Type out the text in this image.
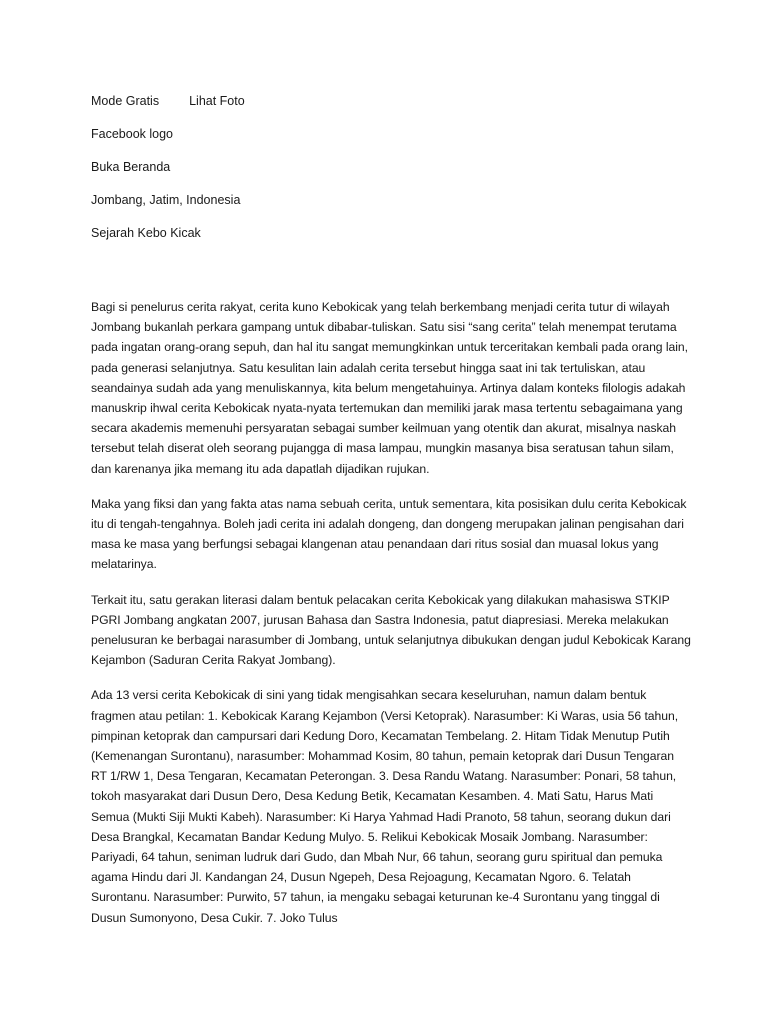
Mode Gratis Lihat Foto
Facebook logo
Buka Beranda
Jombang, Jatim, Indonesia
Sejarah Kebo Kicak

Bagi si penelurus cerita rakyat, cerita kuno Kebokicak yang telah berkembang menjadi cerita tutur di wilayah Jombang bukanlah perkara gampang untuk dibabar-tuliskan. Satu sisi “sang cerita” telah menempat terutama pada ingatan orang-orang sepuh, dan hal itu sangat memungkinkan untuk terceritakan kembali pada orang lain, pada generasi selanjutnya. Satu kesulitan lain adalah cerita tersebut hingga saat ini tak tertuliskan, atau seandainya sudah ada yang menuliskannya, kita belum mengetahuinya. Artinya dalam konteks filologis adakah manuskrip ihwal cerita Kebokicak nyata-nyata tertemukan dan memiliki jarak masa tertentu sebagaimana yang secara akademis memenuhi persyaratan sebagai sumber keilmuan yang otentik dan akurat, misalnya naskah tersebut telah diserat oleh seorang pujangga di masa lampau, mungkin masanya bisa seratusan tahun silam, dan karenanya jika memang itu ada dapatlah dijadikan rujukan.

Maka yang fiksi dan yang fakta atas nama sebuah cerita, untuk sementara, kita posisikan dulu cerita Kebokicak itu di tengah-tengahnya. Boleh jadi cerita ini adalah dongeng, dan dongeng merupakan jalinan pengisahan dari masa ke masa yang berfungsi sebagai klangenan atau penandaan dari ritus sosial dan muasal lokus yang melatarinya.

Terkait itu, satu gerakan literasi dalam bentuk pelacakan cerita Kebokicak yang dilakukan mahasiswa STKIP PGRI Jombang angkatan 2007, jurusan Bahasa dan Sastra Indonesia, patut diapresiasi. Mereka melakukan penelusuran ke berbagai narasumber di Jombang, untuk selanjutnya dibukukan dengan judul Kebokicak Karang Kejambon (Saduran Cerita Rakyat Jombang).

Ada 13 versi cerita Kebokicak di sini yang tidak mengisahkan secara keseluruhan, namun dalam bentuk fragmen atau petilan: 1. Kebokicak Karang Kejambon (Versi Ketoprak). Narasumber: Ki Waras, usia 56 tahun, pimpinan ketoprak dan campursari dari Kedung Doro, Kecamatan Tembelang. 2. Hitam Tidak Menutup Putih (Kemenangan Surontanu), narasumber: Mohammad Kosim, 80 tahun, pemain ketoprak dari Dusun Tengaran RT 1/RW 1, Desa Tengaran, Kecamatan Peterongan. 3. Desa Randu Watang. Narasumber: Ponari, 58 tahun, tokoh masyarakat dari Dusun Dero, Desa Kedung Betik, Kecamatan Kesamben. 4. Mati Satu, Harus Mati Semua (Mukti Siji Mukti Kabeh). Narasumber: Ki Harya Yahmad Hadi Pranoto, 58 tahun, seorang dukun dari Desa Brangkal, Kecamatan Bandar Kedung Mulyo. 5. Relikui Kebokicak Mosaik Jombang. Narasumber: Pariyadi, 64 tahun, seniman ludruk dari Gudo, dan Mbah Nur, 66 tahun, seorang guru spiritual dan pemuka agama Hindu dari Jl. Kandangan 24, Dusun Ngepeh, Desa Rejoagung, Kecamatan Ngoro. 6. Telatah Surontanu. Narasumber: Purwito, 57 tahun, ia mengaku sebagai keturunan ke-4 Surontanu yang tinggal di Dusun Sumonyono, Desa Cukir. 7. Joko Tulus
